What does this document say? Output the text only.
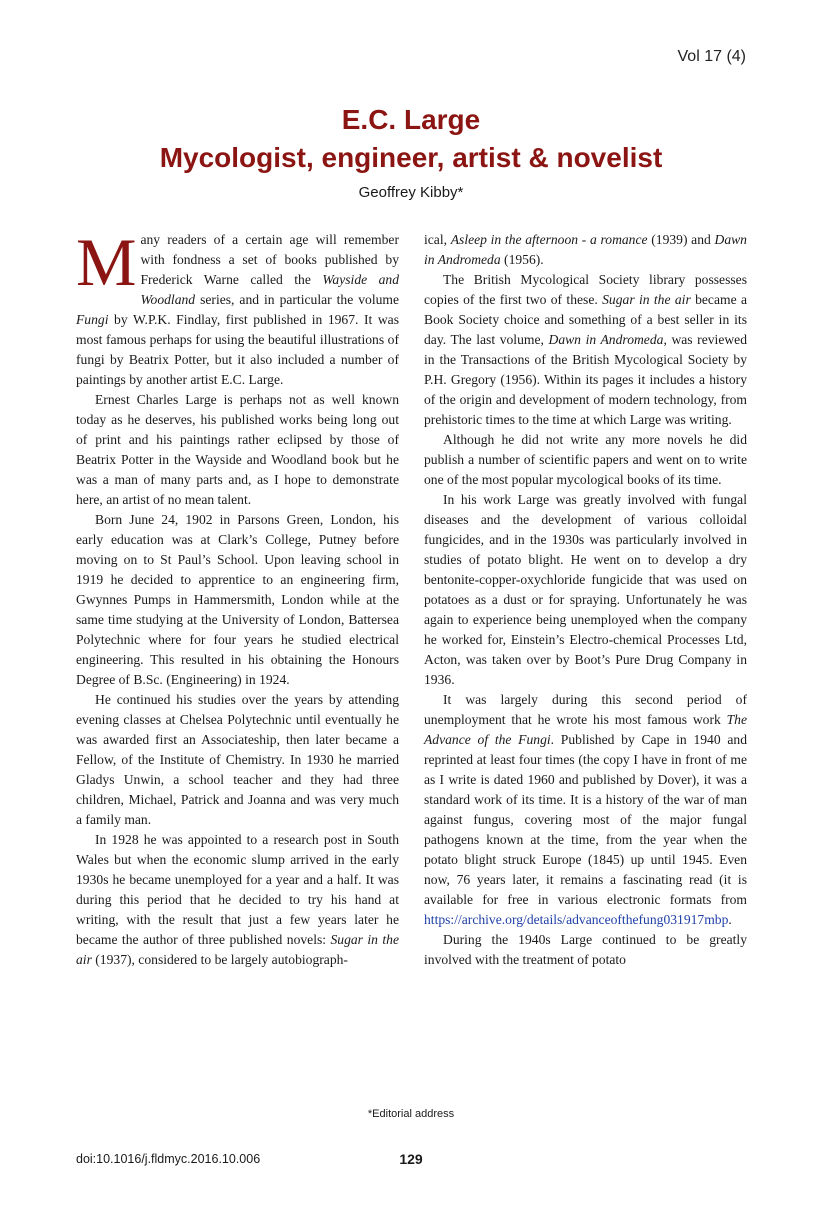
Vol 17 (4)
E.C. Large
Mycologist, engineer, artist & novelist
Geoffrey Kibby*

Many readers of a certain age will remember with fondness a set of books published by Frederick Warne called the Wayside and Woodland series, and in particular the volume Fungi by W.P.K. Findlay, first published in 1967. It was most famous perhaps for using the beautiful illustrations of fungi by Beatrix Potter, but it also included a number of paintings by another artist E.C. Large.

Ernest Charles Large is perhaps not as well known today as he deserves, his published works being long out of print and his paintings rather eclipsed by those of Beatrix Potter in the Wayside and Woodland book but he was a man of many parts and, as I hope to demonstrate here, an artist of no mean talent.

Born June 24, 1902 in Parsons Green, London, his early education was at Clark’s College, Putney before moving on to St Paul’s School. Upon leaving school in 1919 he decided to apprentice to an engineering firm, Gwynnes Pumps in Hammersmith, London while at the same time studying at the University of London, Battersea Polytechnic where for four years he studied electrical engineering. This resulted in his obtaining the Honours Degree of B.Sc. (Engineering) in 1924.

He continued his studies over the years by attending evening classes at Chelsea Polytechnic until eventually he was awarded first an Associateship, then later became a Fellow, of the Institute of Chemistry. In 1930 he married Gladys Unwin, a school teacher and they had three children, Michael, Patrick and Joanna and was very much a family man.

In 1928 he was appointed to a research post in South Wales but when the economic slump arrived in the early 1930s he became unemployed for a year and a half. It was during this period that he decided to try his hand at writing, with the result that just a few years later he became the author of three published novels: Sugar in the air (1937), considered to be largely autobiograph-

ical, Asleep in the afternoon - a romance (1939) and Dawn in Andromeda (1956).

The British Mycological Society library possesses copies of the first two of these. Sugar in the air became a Book Society choice and something of a best seller in its day. The last volume, Dawn in Andromeda, was reviewed in the Transactions of the British Mycological Society by P.H. Gregory (1956). Within its pages it includes a history of the origin and development of modern technology, from prehistoric times to the time at which Large was writing.

Although he did not write any more novels he did publish a number of scientific papers and went on to write one of the most popular mycological books of its time.

In his work Large was greatly involved with fungal diseases and the development of various colloidal fungicides, and in the 1930s was particularly involved in studies of potato blight. He went on to develop a dry bentonite-copper-oxychloride fungicide that was used on potatoes as a dust or for spraying. Unfortunately he was again to experience being unemployed when the company he worked for, Einstein’s Electro-chemical Processes Ltd, Acton, was taken over by Boot’s Pure Drug Company in 1936.

It was largely during this second period of unemployment that he wrote his most famous work The Advance of the Fungi. Published by Cape in 1940 and reprinted at least four times (the copy I have in front of me as I write is dated 1960 and published by Dover), it was a standard work of its time. It is a history of the war of man against fungus, covering most of the major fungal pathogens known at the time, from the year when the potato blight struck Europe (1845) up until 1945. Even now, 76 years later, it remains a fascinating read (it is available for free in various electronic formats from https://archive.org/details/advanceofthefung031917mbp.

During the 1940s Large continued to be greatly involved with the treatment of potato

*Editorial address
doi:10.1016/j.fldmyc.2016.10.006	129
